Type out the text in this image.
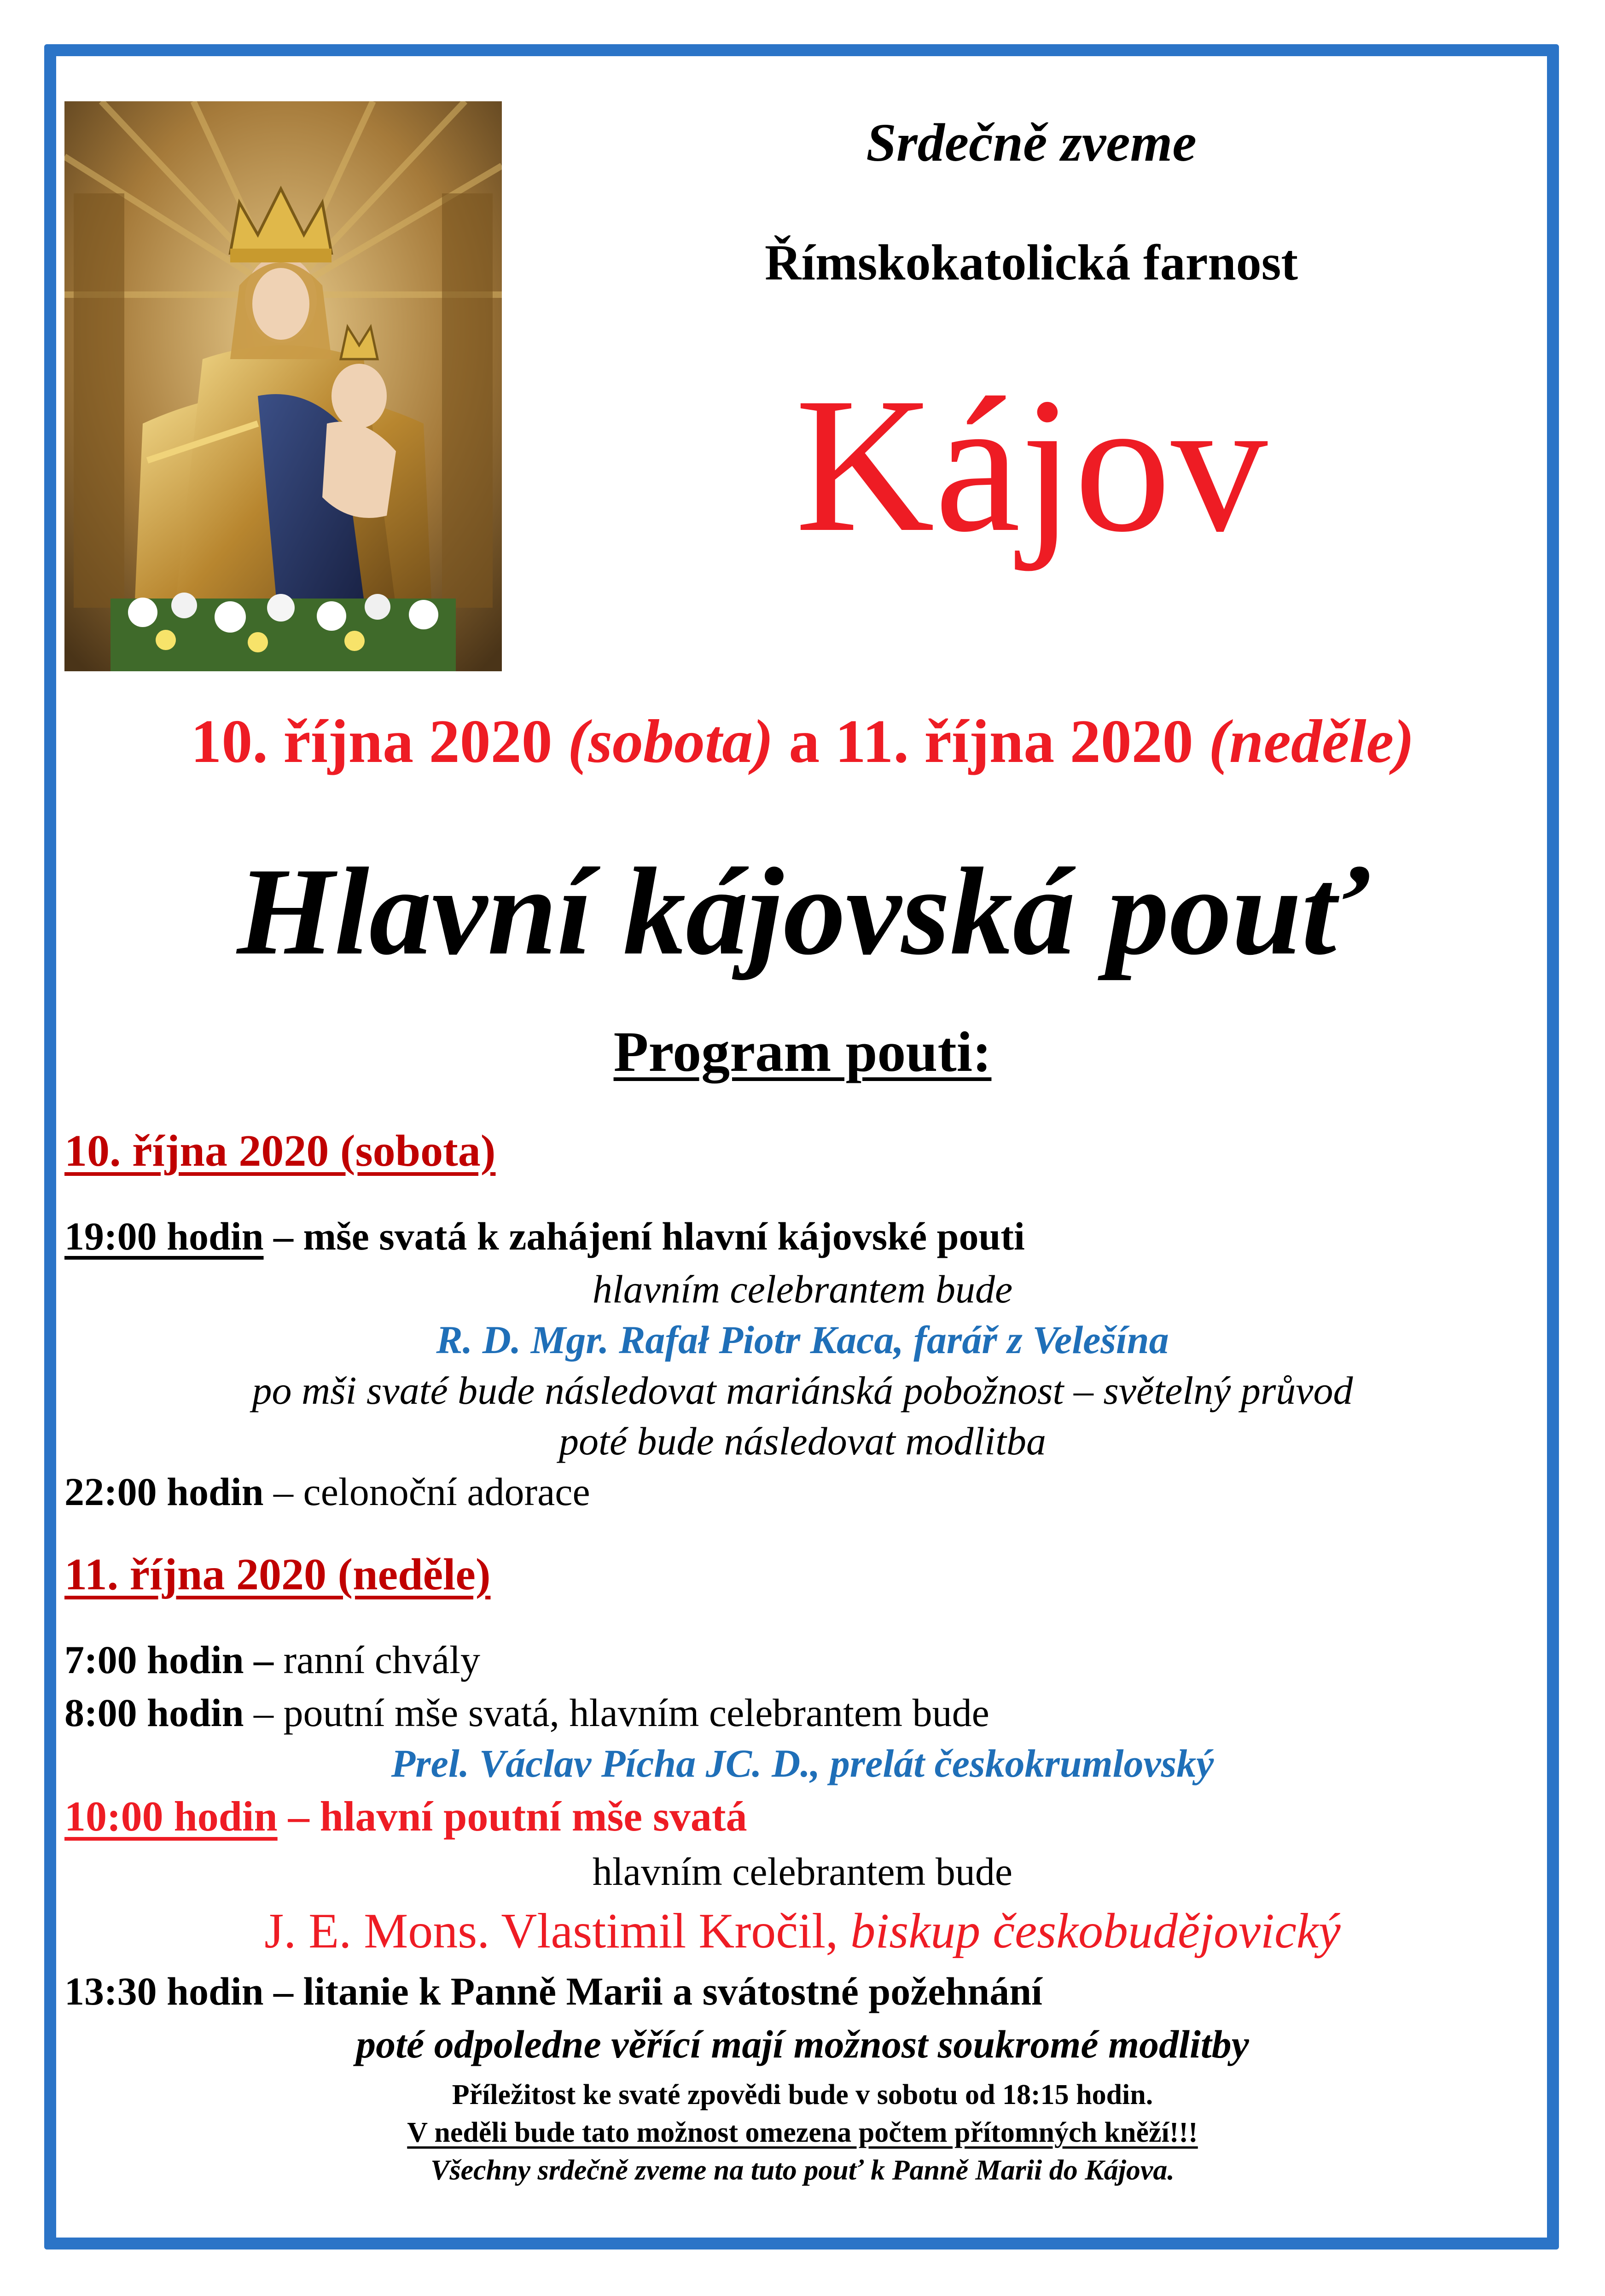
Srdečně zveme
Římskokatolická farnost
Kájov
10. října 2020 (sobota) a 11. října 2020 (neděle)
Hlavní kájovská pouť
Program pouti:
10. října 2020 (sobota)
19:00 hodin – mše svatá k zahájení hlavní kájovské pouti
hlavním celebrantem bude
R. D. Mgr. Rafał Piotr Kaca, farář z Velešína
po mši svaté bude následovat mariánská pobožnost – světelný průvod
poté bude následovat modlitba
22:00 hodin – celonoční adorace
11. října 2020 (neděle)
7:00 hodin – ranní chvály
8:00 hodin – poutní mše svatá, hlavním celebrantem bude
Prel. Václav Pícha JC. D., prelát českokrumlovský
10:00 hodin – hlavní poutní mše svatá
hlavním celebrantem bude
J. E. Mons. Vlastimil Kročil, biskup českobudějovický
13:30 hodin – litanie k Panně Marii a svátostné požehnání
poté odpoledne věřící mají možnost soukromé modlitby
Příležitost ke svaté zpovědi bude v sobotu od 18:15 hodin.
V neděli bude tato možnost omezena počtem přítomných kněží!!!
Všechny srdečně zveme na tuto pouť k Panně Marii do Kájova.
